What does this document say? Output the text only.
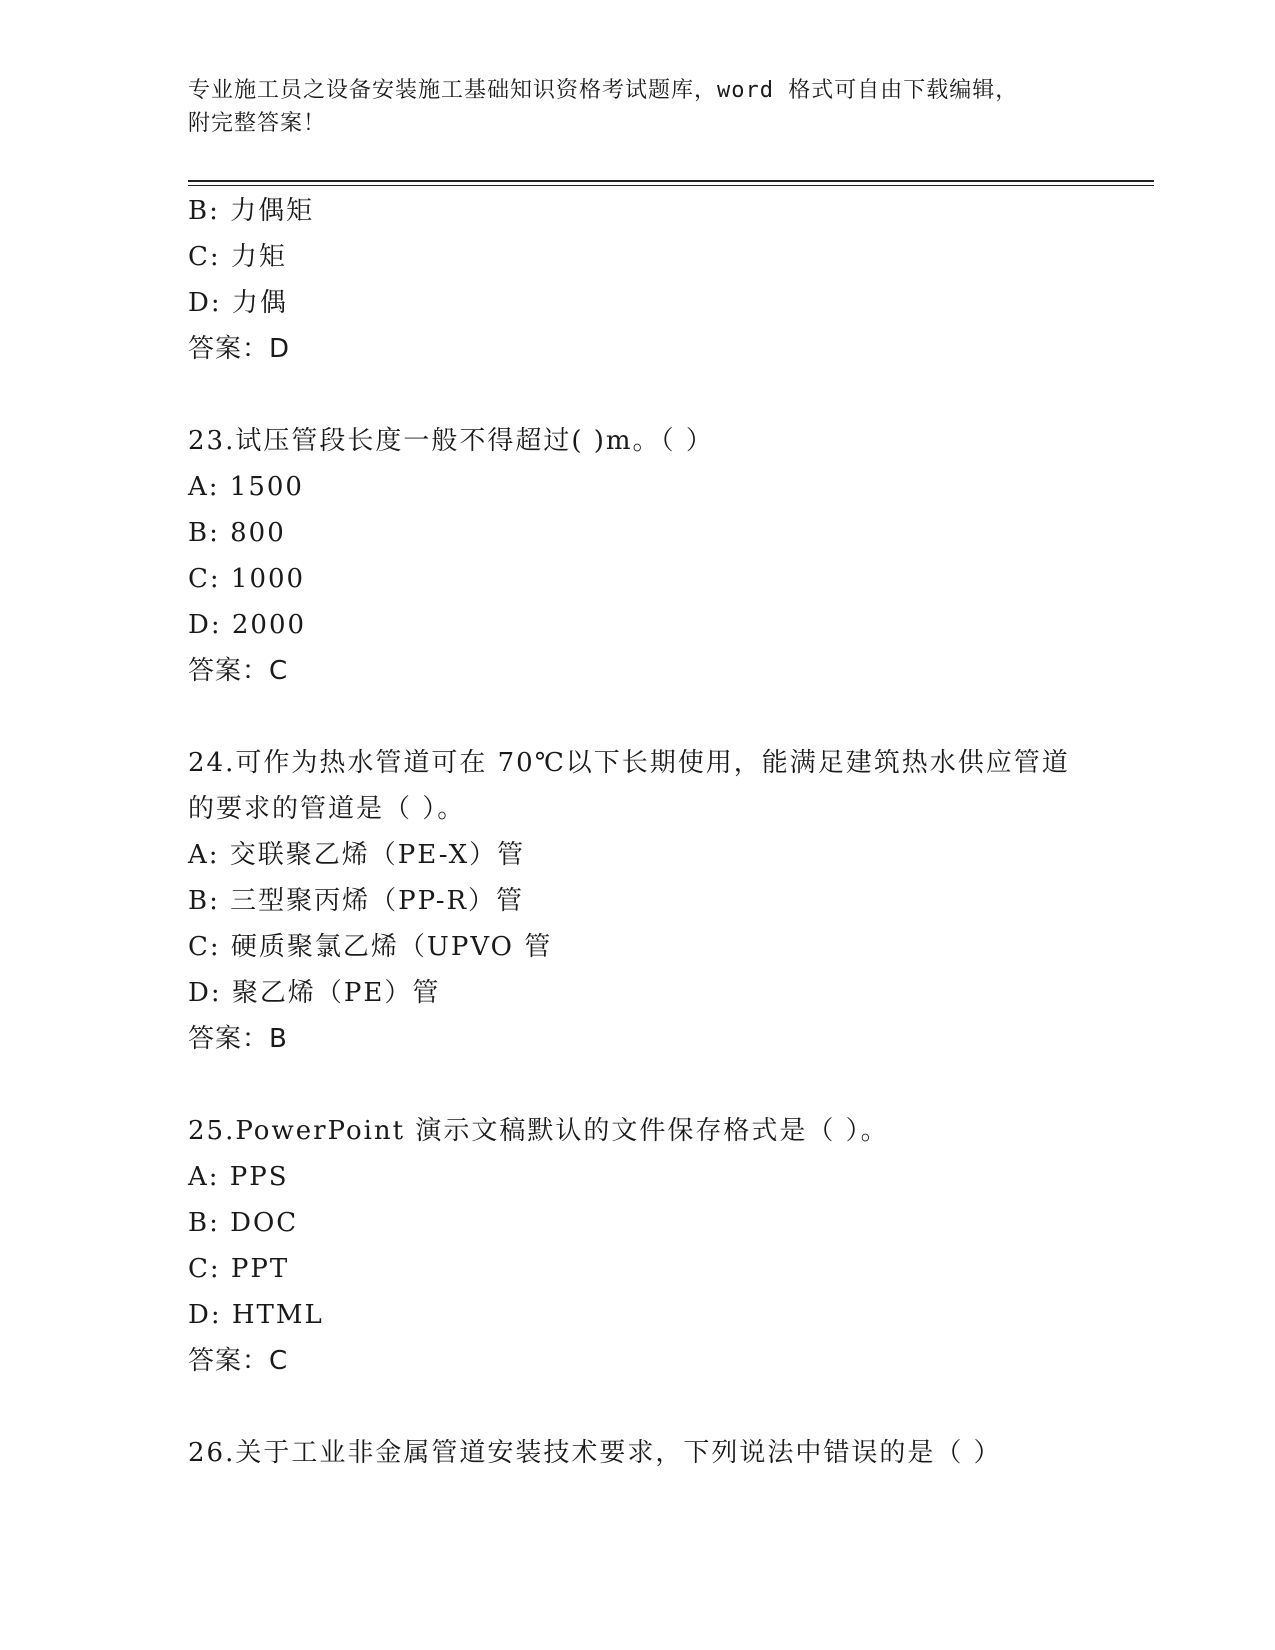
专业施工员之设备安装施工基础知识资格考试题库，word 格式可自由下载编辑，
附完整答案！
B: 力偶矩
C: 力矩
D: 力偶
答案：D
23.试压管段长度一般不得超过( )m。（ ）
A: 1500
B: 800
C: 1000
D: 2000
答案：C
24.可作为热水管道可在 70℃以下长期使用，能满足建筑热水供应管道
的要求的管道是（ ）。
A: 交联聚乙烯（PE-X）管
B: 三型聚丙烯（PP-R）管
C: 硬质聚氯乙烯（UPVO 管
D: 聚乙烯（PE）管
答案：B
25.PowerPoint 演示文稿默认的文件保存格式是（ ）。
A: PPS
B: DOC
C: PPT
D: HTML
答案：C
26.关于工业非金属管道安装技术要求，下列说法中错误的是（ ）
